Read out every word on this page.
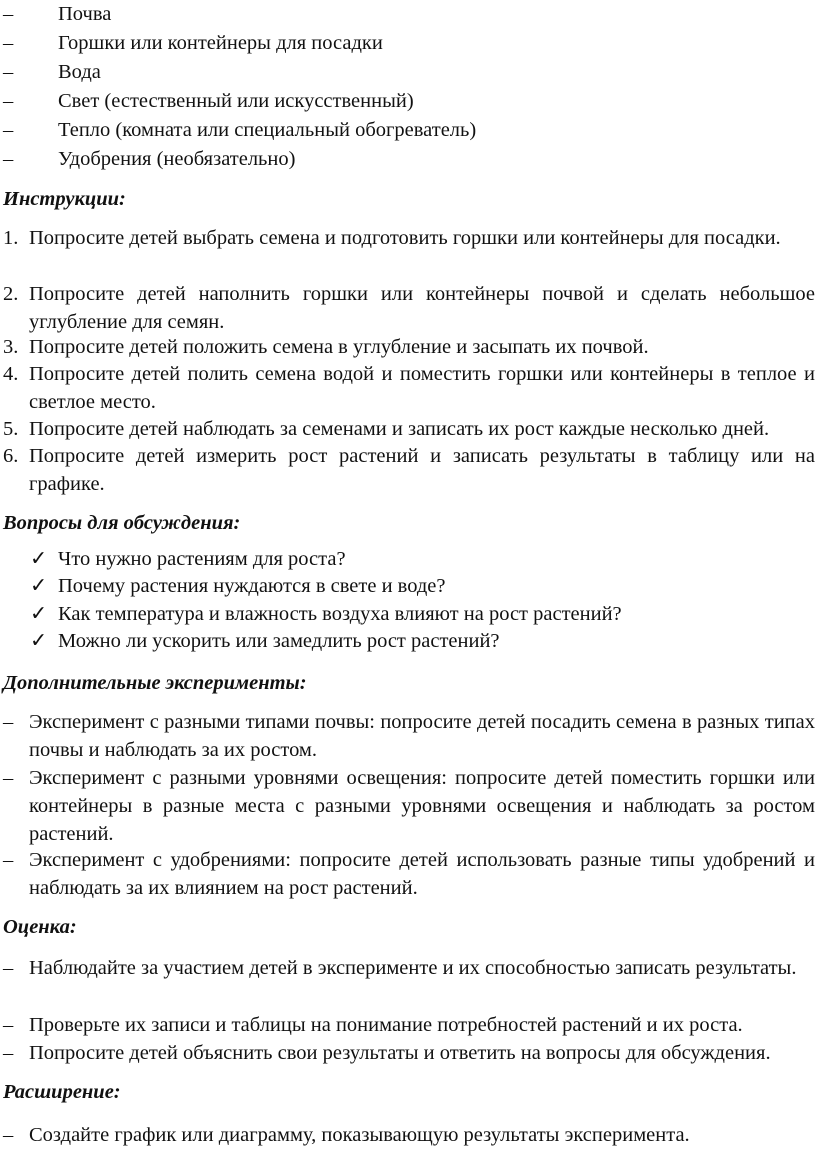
–	Почва
–	Горшки или контейнеры для посадки
–	Вода
–	Свет (естественный или искусственный)
–	Тепло (комната или специальный обогреватель)
–	Удобрения (необязательно)
Инструкции:
1. Попросите детей выбрать семена и подготовить горшки или контейнеры для посадки.
2. Попросите детей наполнить горшки или контейнеры почвой и сделать небольшое углубление для семян.
3. Попросите детей положить семена в углубление и засыпать их почвой.
4. Попросите детей полить семена водой и поместить горшки или контейнеры в теплое и светлое место.
5. Попросите детей наблюдать за семенами и записать их рост каждые несколько дней.
6. Попросите детей измерить рост растений и записать результаты в таблицу или на графике.
Вопросы для обсуждения:
✓ Что нужно растениям для роста?
✓ Почему растения нуждаются в свете и воде?
✓ Как температура и влажность воздуха влияют на рост растений?
✓ Можно ли ускорить или замедлить рост растений?
Дополнительные эксперименты:
– Эксперимент с разными типами почвы: попросите детей посадить семена в разных типах почвы и наблюдать за их ростом.
– Эксперимент с разными уровнями освещения: попросите детей поместить горшки или контейнеры в разные места с разными уровнями освещения и наблюдать за ростом растений.
– Эксперимент с удобрениями: попросите детей использовать разные типы удобрений и наблюдать за их влиянием на рост растений.
Оценка:
– Наблюдайте за участием детей в эксперименте и их способностью записать результаты.
– Проверьте их записи и таблицы на понимание потребностей растений и их роста.
– Попросите детей объяснить свои результаты и ответить на вопросы для обсуждения.
Расширение:
– Создайте график или диаграмму, показывающую результаты эксперимента.
